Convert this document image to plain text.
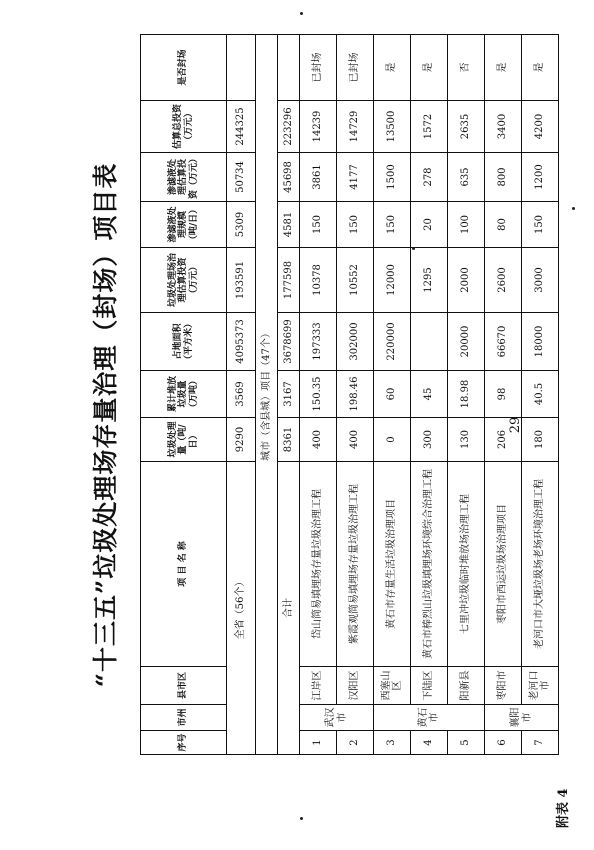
附表 4
“十三五”垃圾处理场存量治理（封场）项目表
序号	市州	县市区	项 目 名 称	垃圾处理量（吨/日）	累计堆放垃圾量（万吨）	占地面积（平方米）	垃圾处理场治理估算投资（万元）	渗滤液处理规模（吨/日）	渗滤液处理估算投资（万元）	估算总投资（万元）	是否封场
全省（56个）				9290	3569	4095373	193591	5309	50734	244325	
城市（含县城）项目（47个）											
合计				8361	3167	3678699	177598	4581	45698	223296	
1	武汉市	江岸区	岱山简易填埋场存量垃圾治理工程	400	150.35	197333	10378	150	3861	14239	已封场
2		汉阳区	紫霞观简易填埋场存量垃圾治理工程	400	198.46	302000	10552	150	4177	14729	已封场
3	黄石市	西塞山区	黄石市存量生活垃圾治理项目	0	60	220000	12000	150	1500	13500	是
4		下陆区	黄石市棒烈山垃圾填埋场环境综合治理工程	300	45		1295	20	278	1572	是
5		阳新县	七里冲垃圾临时堆放场治理工程	130	18.98	20000	2000	100	635	2635	否
6	襄阳市	枣阳市	枣阳市西运垃圾场治理项目	206	98	66670	2600	80	800	3400	是
7		老河口市	老河口市大垭垃圾场老场环境治理工程	180	40.5	18000	3000	150	1200	4200	是
29
